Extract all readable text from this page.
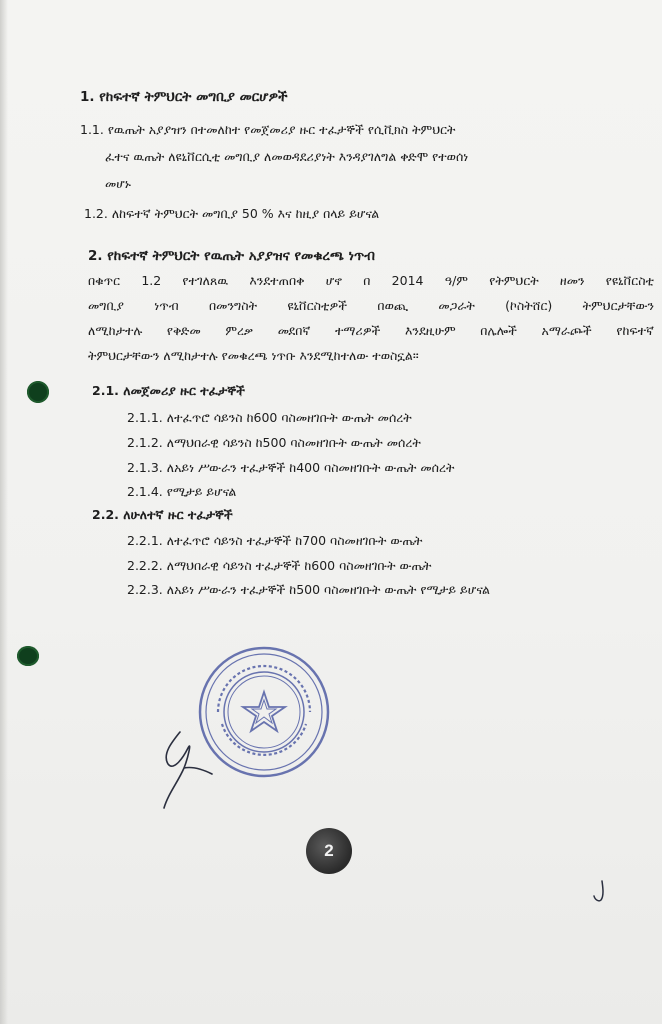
1. የከፍተኛ ትምህርት መግቢያ መርሆዎች
1.1. የዉጤት አያያዝን በተመለከተ የመጀመሪያ ዙር ተፈታኞች የሲቪክስ ትምህርት
ፈተና ዉጤት ለዩኒቨርሲቲ መግቢያ ለመወዳደሪያነት እንዳያገለግል ቀድሞ የተወሰነ
መሆኑ
1.2. ለከፍተኛ ትምህርት መግቢያ 50 % እና ከዚያ በላይ ይሆናል
2. የከፍተኛ ትምህርት የዉጤት አያያዝና የመቁረጫ ነጥብ
በቁጥር 1.2 የተገለጸዉ እንደተጠበቀ ሆኖ በ 2014 ዓ/ም የትምህርት ዘመን የዩኒቨርስቲ
መግቢያ ነጥብ በመንግስት ዩኒቨርስቲዎች በወጪ መጋራት (ኮስትሸር) ትምህርታቸውን
ለሚከታተሉ የቅድመ ምረቃ መደበኛ ተማሪዎች እንደዚሁም በሌሎች አማራጮች የከፍተኛ
ትምህርታቸውን ለሚከታተሉ የመቁረጫ ነጥቡ እንደሚከተለው ተወስኗል።
2.1. ለመጀመሪያ ዙር ተፈታኞች
2.1.1. ለተፈጥሮ ሳይንስ ከ600 ባስመዘገቡት ውጤት መሰረት
2.1.2. ለማህበራዊ ሳይንስ ከ500 ባስመዘገቡት ውጤት መሰረት
2.1.3. ለአይነ ሥውራን ተፈታኞች ከ400 ባስመዘገቡት ውጤት መሰረት
2.1.4. የሚታይ ይሆናል
2.2. ለሁለተኛ ዙር ተፈታኞች
2.2.1. ለተፈጥሮ ሳይንስ ተፈታኞች ከ700 ባስመዘገቡት ውጤት
2.2.2. ለማህበራዊ ሳይንስ ተፈታኞች ከ600 ባስመዘገቡት ውጤት
2.2.3. ለአይነ ሥውራን ተፈታኞች ከ500 ባስመዘገቡት ውጤት የሚታይ ይሆናል
2
